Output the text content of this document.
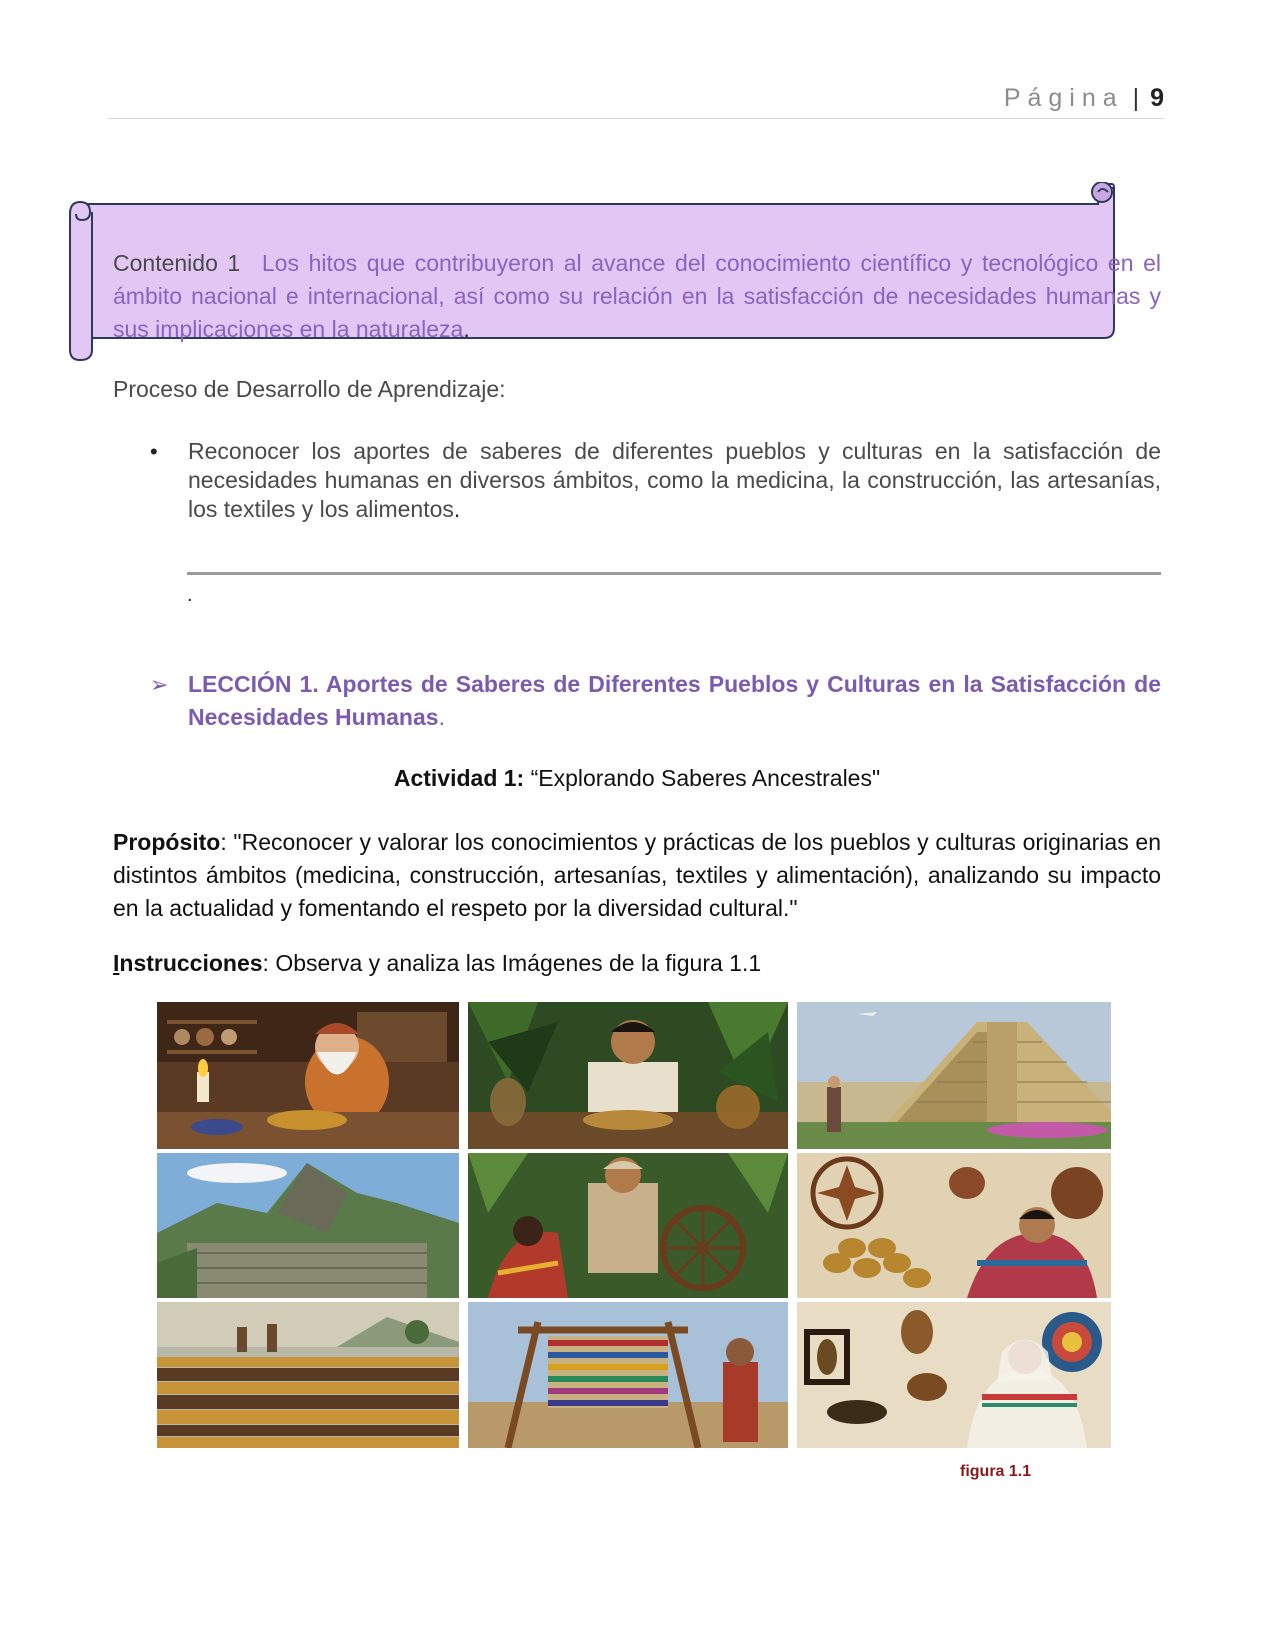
Página | 9
Contenido 1 Los hitos que contribuyeron al avance del conocimiento científico y tecnológico en el ámbito nacional e internacional, así como su relación en la satisfacción de necesidades humanas y sus implicaciones en la naturaleza.
Proceso de Desarrollo de Aprendizaje:
•	Reconocer los aportes de saberes de diferentes pueblos y culturas en la satisfacción de necesidades humanas en diversos ámbitos, como la medicina, la construcción, las artesanías, los textiles y los alimentos.
.
➢ LECCIÓN 1. Aportes de Saberes de Diferentes Pueblos y Culturas en la Satisfacción de Necesidades Humanas.
Actividad 1: “Explorando Saberes Ancestrales"
Propósito: "Reconocer y valorar los conocimientos y prácticas de los pueblos y culturas originarias en distintos ámbitos (medicina, construcción, artesanías, textiles y alimentación), analizando su impacto en la actualidad y fomentando el respeto por la diversidad cultural."
Instrucciones: Observa y analiza las Imágenes de la figura 1.1
figura 1.1
